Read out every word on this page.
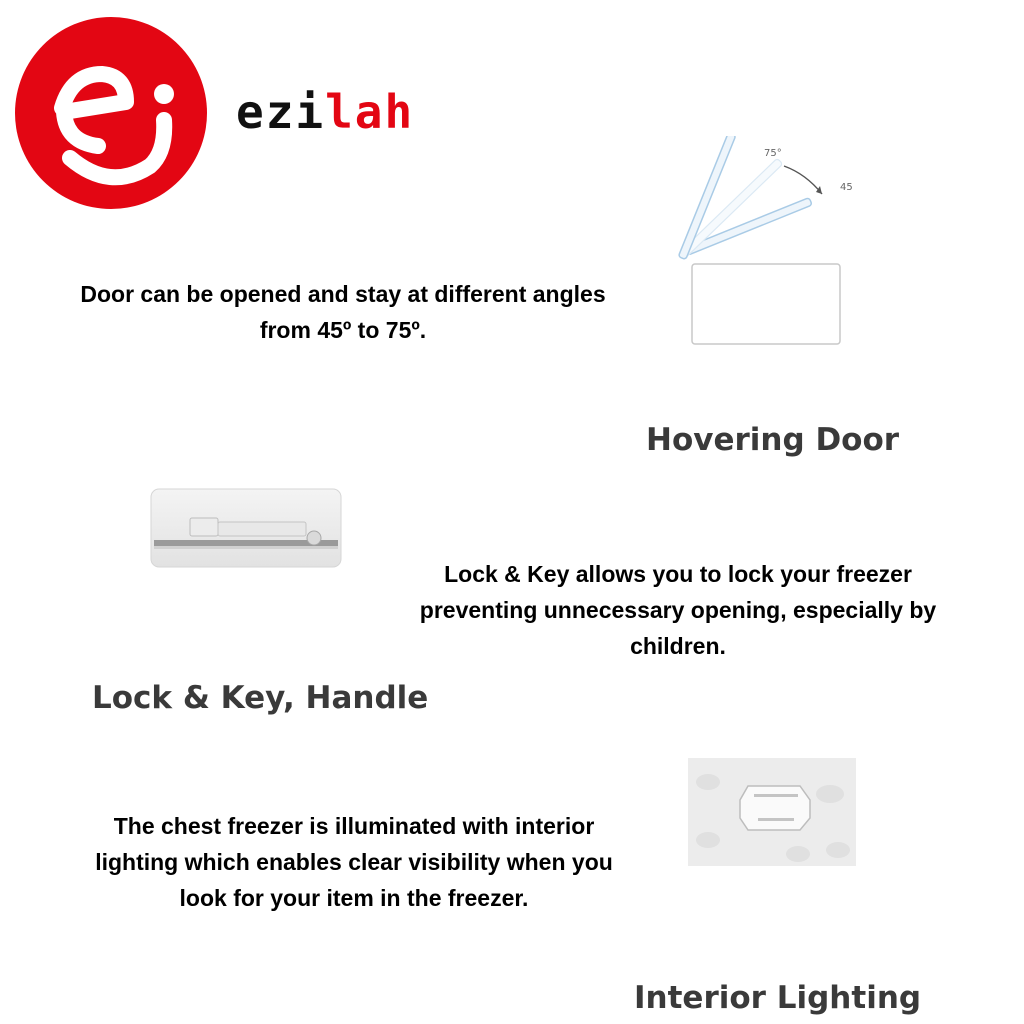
ezilah
75°
45
Door can be opened and stay at different angles from 45º to 75º.
Hovering Door
Lock & Key allows you to lock your freezer preventing unnecessary opening, especially by children.
Lock & Key, Handle
The chest freezer is illuminated with interior lighting which enables clear visibility when you look for your item in the freezer.
Interior Lighting
